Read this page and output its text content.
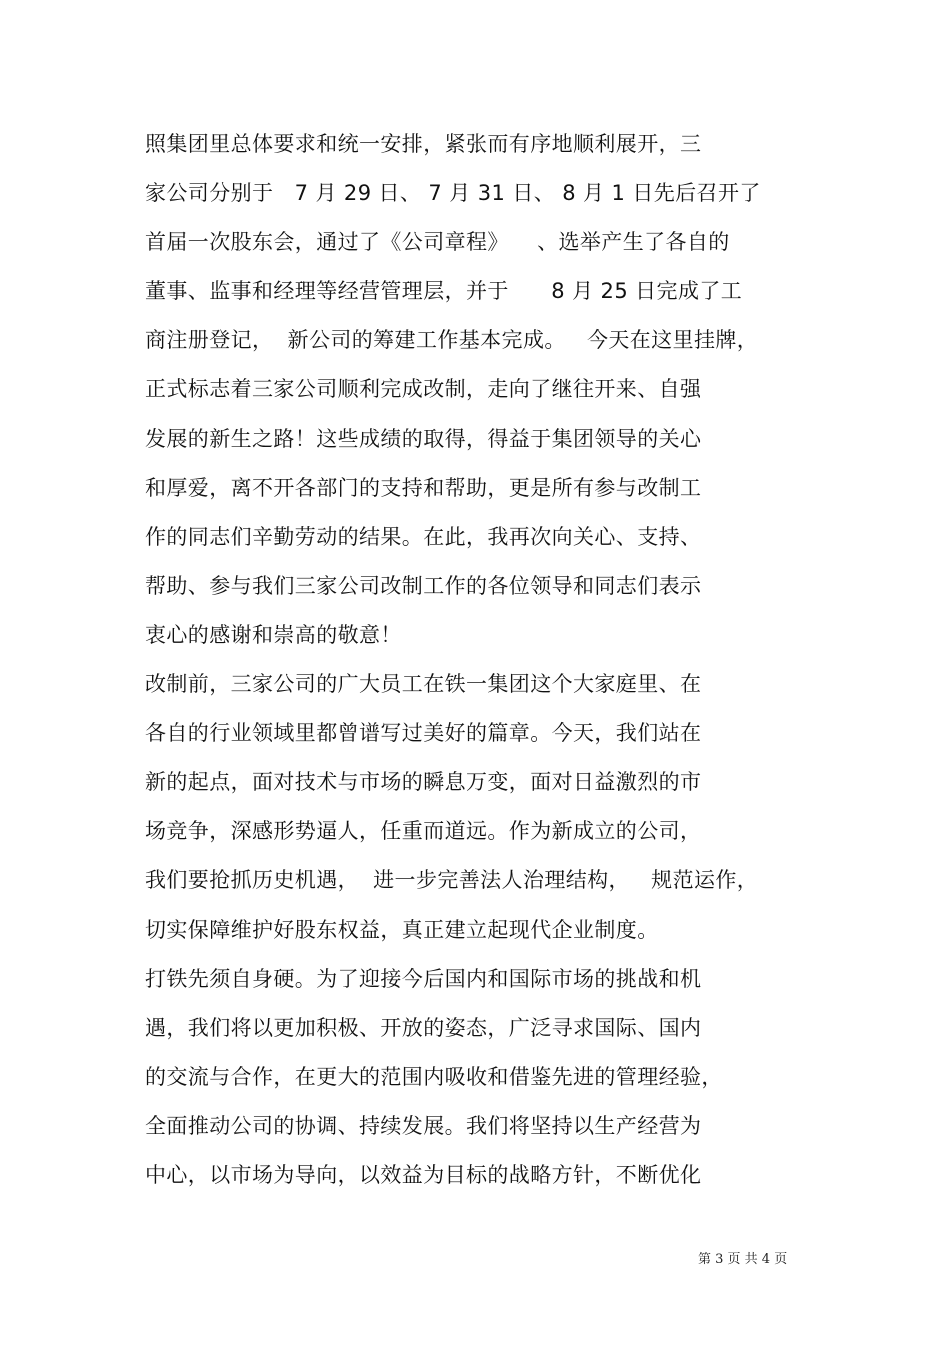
照集团里总体要求和统一安排，紧张而有序地顺利展开，三
家公司分别于   7 月 29 日、 7 月 31 日、 8 月 1 日先后召开了
首届一次股东会，通过了《公司章程》    、选举产生了各自的
董事、监事和经理等经营管理层，并于      8 月 25 日完成了工
商注册登记，  新公司的筹建工作基本完成。   今天在这里挂牌，
正式标志着三家公司顺利完成改制，走向了继往开来、自强
发展的新生之路！这些成绩的取得，得益于集团领导的关心
和厚爱，离不开各部门的支持和帮助，更是所有参与改制工
作的同志们辛勤劳动的结果。在此，我再次向关心、支持、
帮助、参与我们三家公司改制工作的各位领导和同志们表示
衷心的感谢和崇高的敬意！
改制前，三家公司的广大员工在铁一集团这个大家庭里、在
各自的行业领域里都曾谱写过美好的篇章。今天，我们站在
新的起点，面对技术与市场的瞬息万变，面对日益激烈的市
场竞争，深感形势逼人，任重而道远。作为新成立的公司，
我们要抢抓历史机遇，  进一步完善法人治理结构，   规范运作，
切实保障维护好股东权益，真正建立起现代企业制度。
打铁先须自身硬。为了迎接今后国内和国际市场的挑战和机
遇，我们将以更加积极、开放的姿态，广泛寻求国际、国内
的交流与合作，在更大的范围内吸收和借鉴先进的管理经验，
全面推动公司的协调、持续发展。我们将坚持以生产经营为
中心，以市场为导向，以效益为目标的战略方针，不断优化
第 3 页 共 4 页
